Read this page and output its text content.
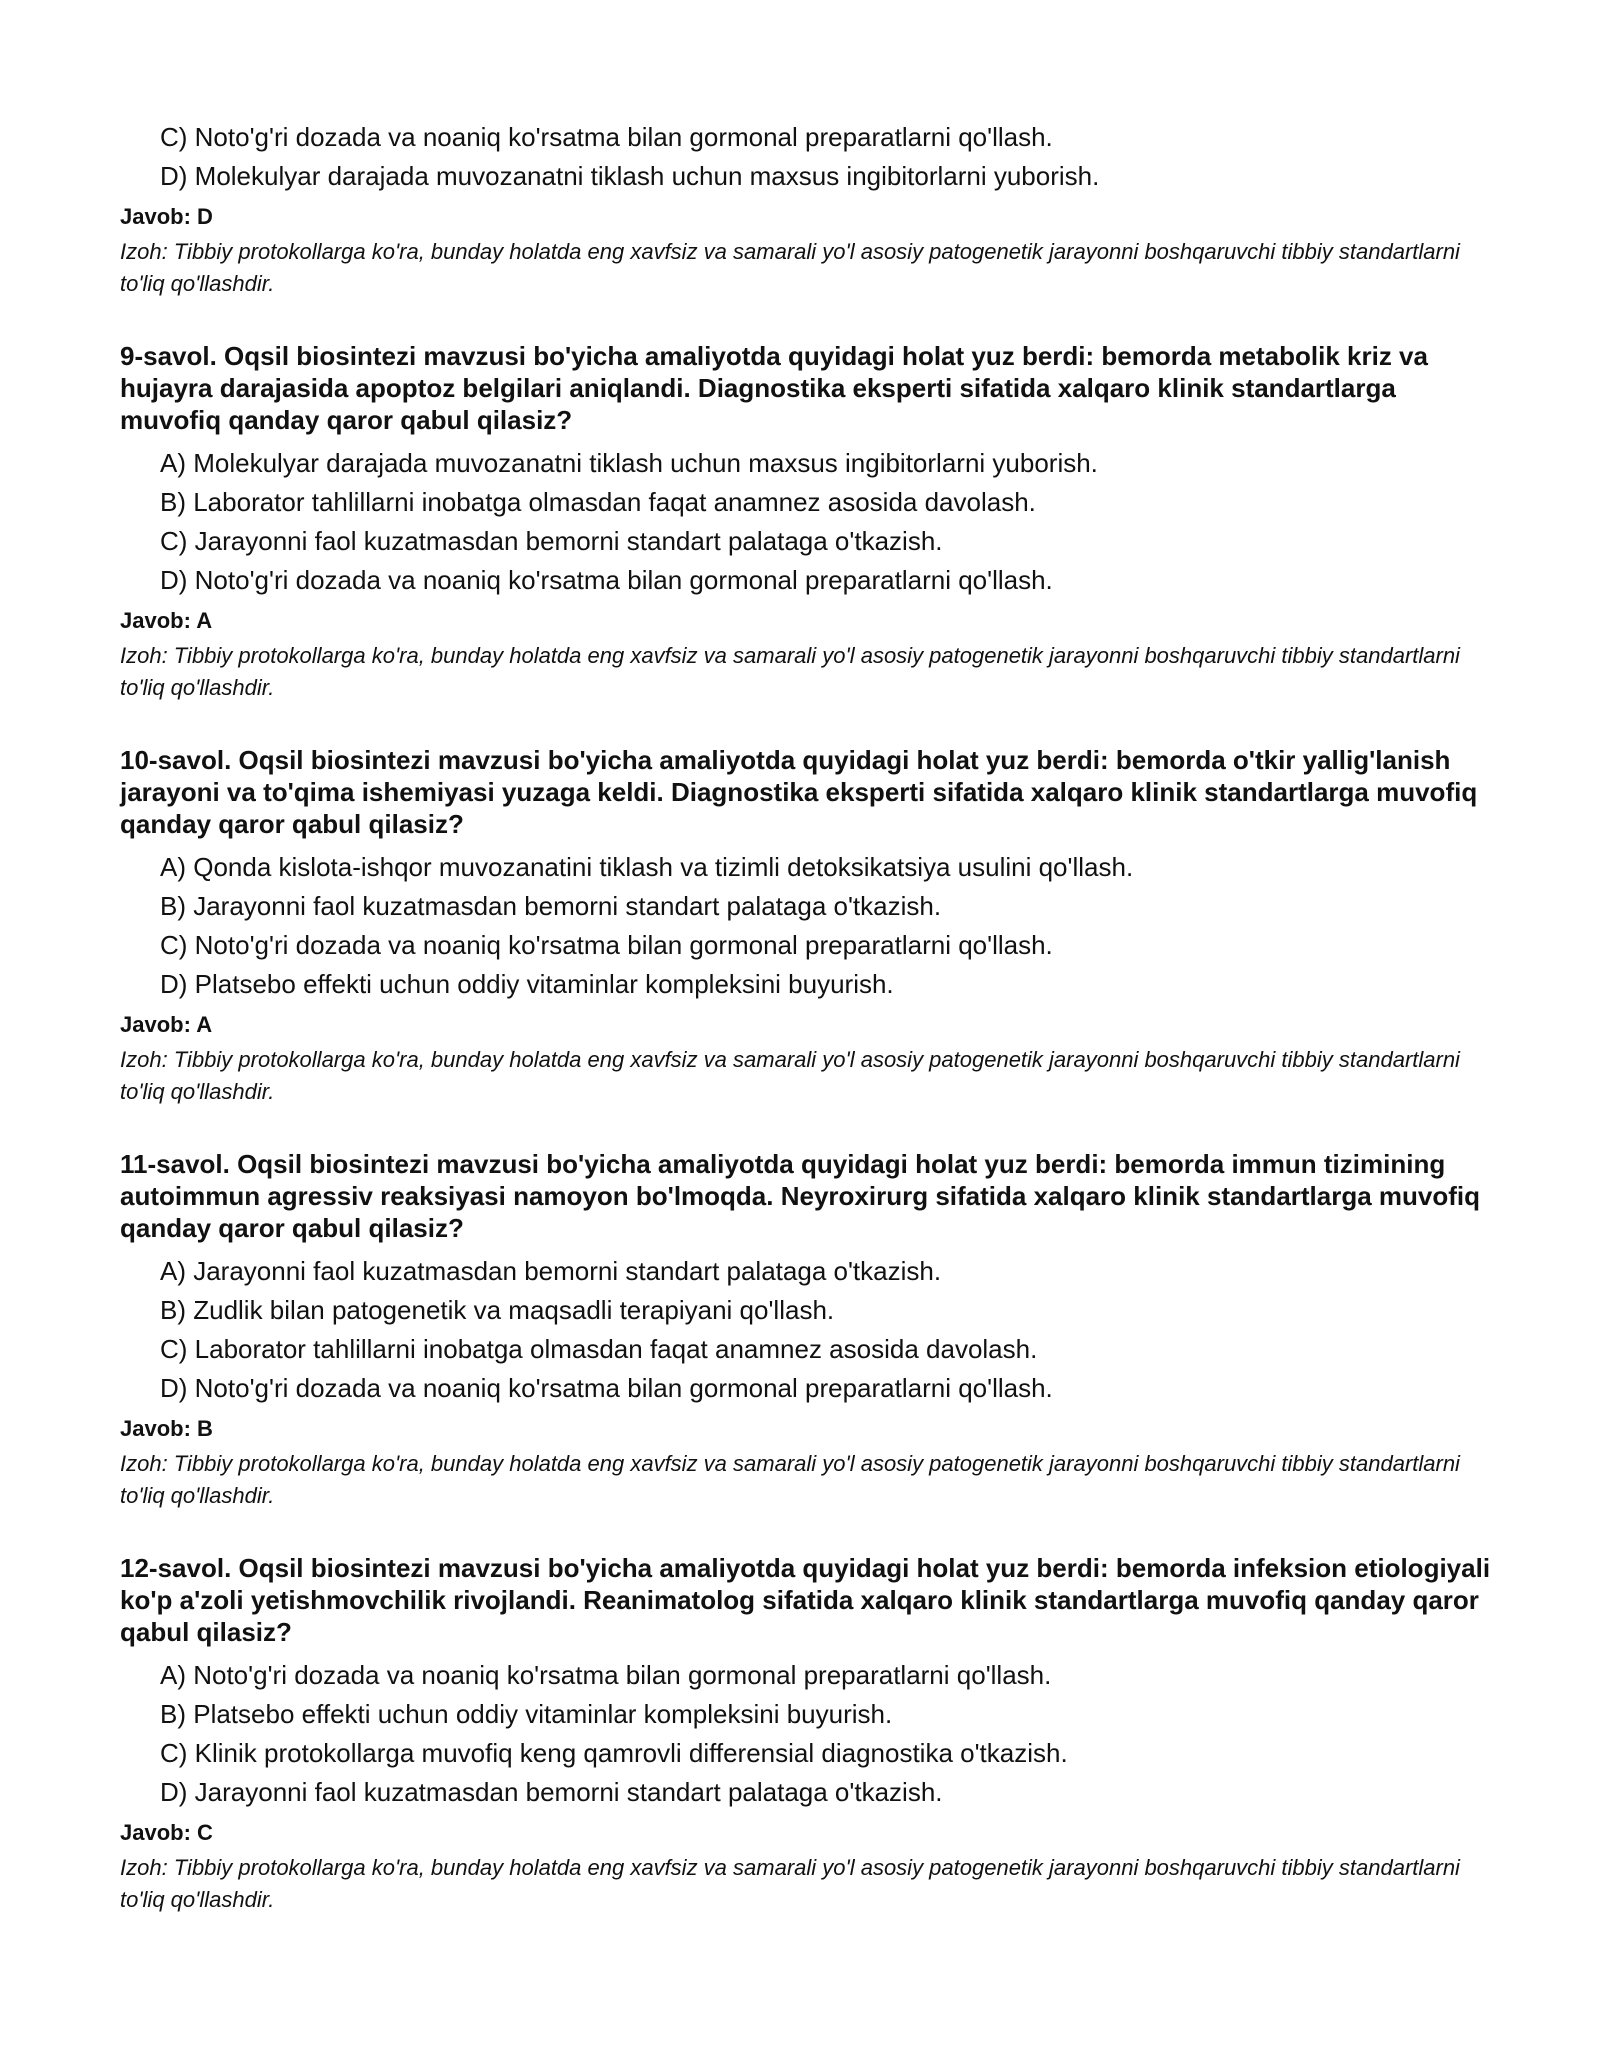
C) Noto'g'ri dozada va noaniq ko'rsatma bilan gormonal preparatlarni qo'llash.
D) Molekulyar darajada muvozanatni tiklash uchun maxsus ingibitorlarni yuborish.
Javob: D
Izoh: Tibbiy protokollarga ko'ra, bunday holatda eng xavfsiz va samarali yo'l asosiy patogenetik jarayonni boshqaruvchi tibbiy standartlarni to'liq qo'llashdir.
9-savol. Oqsil biosintezi mavzusi bo'yicha amaliyotda quyidagi holat yuz berdi: bemorda metabolik kriz va hujayra darajasida apoptoz belgilari aniqlandi. Diagnostika eksperti sifatida xalqaro klinik standartlarga muvofiq qanday qaror qabul qilasiz?
A) Molekulyar darajada muvozanatni tiklash uchun maxsus ingibitorlarni yuborish.
B) Laborator tahlillarni inobatga olmasdan faqat anamnez asosida davolash.
C) Jarayonni faol kuzatmasdan bemorni standart palataga o'tkazish.
D) Noto'g'ri dozada va noaniq ko'rsatma bilan gormonal preparatlarni qo'llash.
Javob: A
Izoh: Tibbiy protokollarga ko'ra, bunday holatda eng xavfsiz va samarali yo'l asosiy patogenetik jarayonni boshqaruvchi tibbiy standartlarni to'liq qo'llashdir.
10-savol. Oqsil biosintezi mavzusi bo'yicha amaliyotda quyidagi holat yuz berdi: bemorda o'tkir yallig'lanish jarayoni va to'qima ishemiyasi yuzaga keldi. Diagnostika eksperti sifatida xalqaro klinik standartlarga muvofiq qanday qaror qabul qilasiz?
A) Qonda kislota-ishqor muvozanatini tiklash va tizimli detoksikatsiya usulini qo'llash.
B) Jarayonni faol kuzatmasdan bemorni standart palataga o'tkazish.
C) Noto'g'ri dozada va noaniq ko'rsatma bilan gormonal preparatlarni qo'llash.
D) Platsebo effekti uchun oddiy vitaminlar kompleksini buyurish.
Javob: A
Izoh: Tibbiy protokollarga ko'ra, bunday holatda eng xavfsiz va samarali yo'l asosiy patogenetik jarayonni boshqaruvchi tibbiy standartlarni to'liq qo'llashdir.
11-savol. Oqsil biosintezi mavzusi bo'yicha amaliyotda quyidagi holat yuz berdi: bemorda immun tizimining autoimmun agressiv reaksiyasi namoyon bo'lmoqda. Neyroxirurg sifatida xalqaro klinik standartlarga muvofiq qanday qaror qabul qilasiz?
A) Jarayonni faol kuzatmasdan bemorni standart palataga o'tkazish.
B) Zudlik bilan patogenetik va maqsadli terapiyani qo'llash.
C) Laborator tahlillarni inobatga olmasdan faqat anamnez asosida davolash.
D) Noto'g'ri dozada va noaniq ko'rsatma bilan gormonal preparatlarni qo'llash.
Javob: B
Izoh: Tibbiy protokollarga ko'ra, bunday holatda eng xavfsiz va samarali yo'l asosiy patogenetik jarayonni boshqaruvchi tibbiy standartlarni to'liq qo'llashdir.
12-savol. Oqsil biosintezi mavzusi bo'yicha amaliyotda quyidagi holat yuz berdi: bemorda infeksion etiologiyali ko'p a'zoli yetishmovchilik rivojlandi. Reanimatolog sifatida xalqaro klinik standartlarga muvofiq qanday qaror qabul qilasiz?
A) Noto'g'ri dozada va noaniq ko'rsatma bilan gormonal preparatlarni qo'llash.
B) Platsebo effekti uchun oddiy vitaminlar kompleksini buyurish.
C) Klinik protokollarga muvofiq keng qamrovli differensial diagnostika o'tkazish.
D) Jarayonni faol kuzatmasdan bemorni standart palataga o'tkazish.
Javob: C
Izoh: Tibbiy protokollarga ko'ra, bunday holatda eng xavfsiz va samarali yo'l asosiy patogenetik jarayonni boshqaruvchi tibbiy standartlarni to'liq qo'llashdir.
